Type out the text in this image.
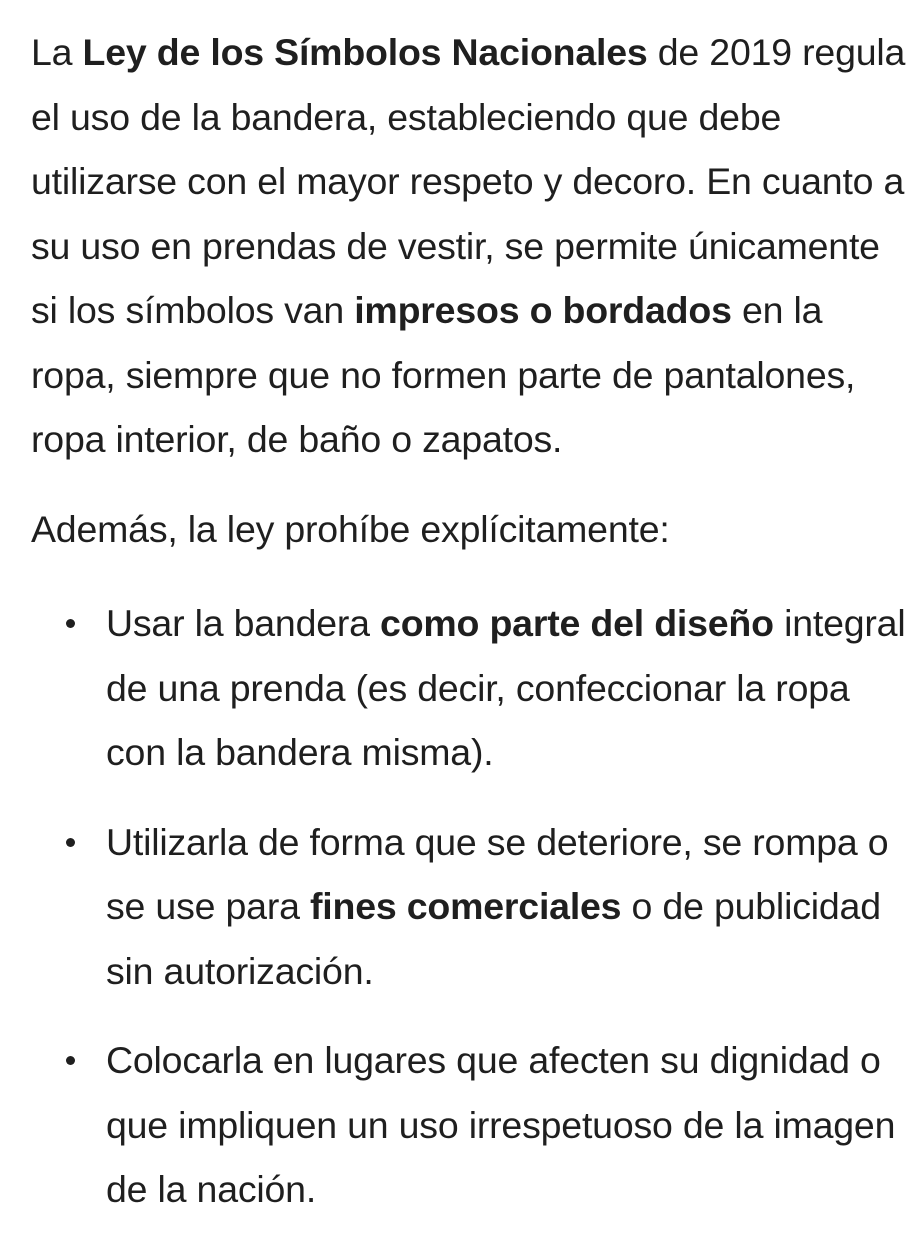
La Ley de los Símbolos Nacionales de 2019 regula el uso de la bandera, estableciendo que debe utilizarse con el mayor respeto y decoro. En cuanto a su uso en prendas de vestir, se permite únicamente si los símbolos van impresos o bordados en la ropa, siempre que no formen parte de pantalones, ropa interior, de baño o zapatos.

Además, la ley prohíbe explícitamente:

Usar la bandera como parte del diseño integral de una prenda (es decir, confeccionar la ropa con la bandera misma).
Utilizarla de forma que se deteriore, se rompa o se use para fines comerciales o de publicidad sin autorización.
Colocarla en lugares que afecten su dignidad o que impliquen un uso irrespetuoso de la imagen de la nación.
